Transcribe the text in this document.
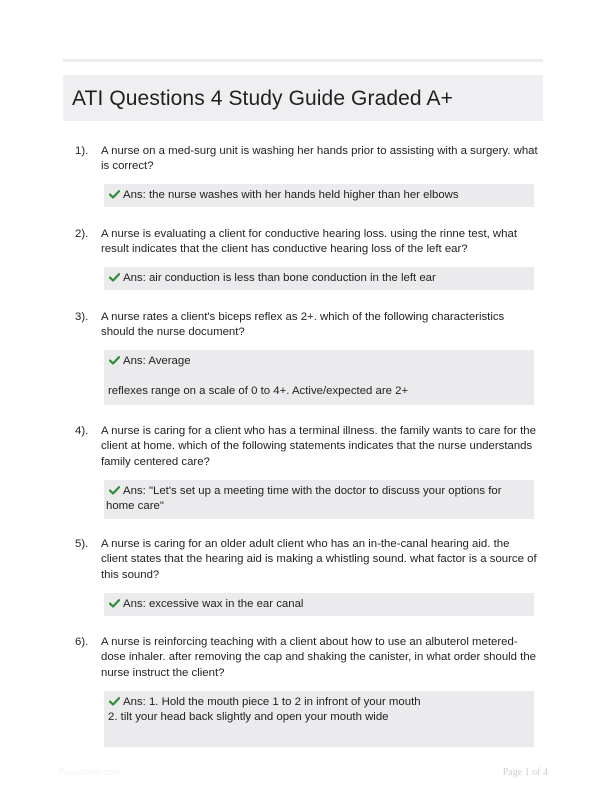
ATI Questions 4 Study Guide Graded A+
1). A nurse on a med-surg unit is washing her hands prior to assisting with a surgery. what is correct?
Ans: the nurse washes with her hands held higher than her elbows
2). A nurse is evaluating a client for conductive hearing loss. using the rinne test, what result indicates that the client has conductive hearing loss of the left ear?
Ans: air conduction is less than bone conduction in the left ear
3). A nurse rates a client's biceps reflex as 2+. which of the following characteristics should the nurse document?
Ans: Average
reflexes range on a scale of 0 to 4+. Active/expected are 2+
4). A nurse is caring for a client who has a terminal illness. the family wants to care for the client at home. which of the following statements indicates that the nurse understands family centered care?
Ans: "Let's set up a meeting time with the doctor to discuss your options for home care"
5). A nurse is caring for an older adult client who has an in-the-canal hearing aid. the client states that the hearing aid is making a whistling sound. what factor is a source of this sound?
Ans: excessive wax in the ear canal
6). A nurse is reinforcing teaching with a client about how to use an albuterol metered-dose inhaler. after removing the cap and shaking the canister, in what order should the nurse instruct the client?
Ans: 1. Hold the mouth piece 1 to 2 in infront of your mouth
2. tilt your head back slightly and open your mouth wide
Paperlobic.com	Page 1 of 4
